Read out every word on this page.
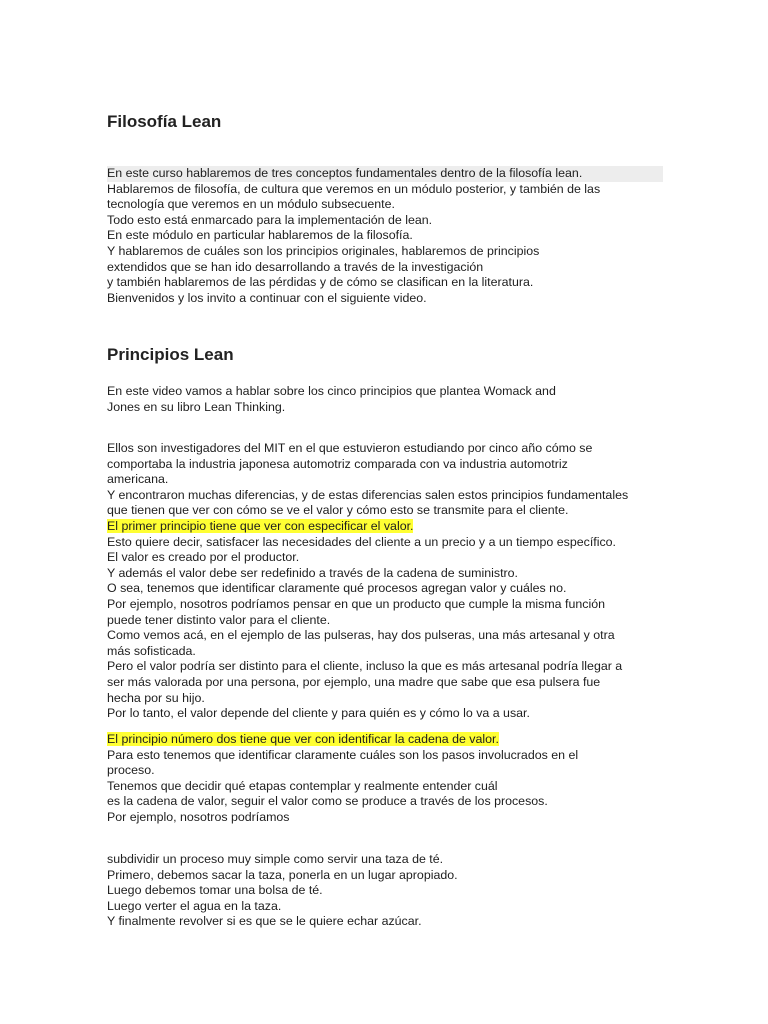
Filosofía Lean
En este curso hablaremos de tres conceptos fundamentales dentro de la filosofía lean.
Hablaremos de filosofía, de cultura que veremos en un módulo posterior, y también de las
tecnología que veremos en un módulo subsecuente.
Todo esto está enmarcado para la implementación de lean.
En este módulo en particular hablaremos de la filosofía.
Y hablaremos de cuáles son los principios originales, hablaremos de principios
extendidos que se han ido desarrollando a través de la investigación
y también hablaremos de las pérdidas y de cómo se clasifican en la literatura.
Bienvenidos y los invito a continuar con el siguiente video.
Principios Lean
En este video vamos a hablar sobre los cinco principios que plantea Womack and
Jones en su libro Lean Thinking.
Ellos son investigadores del MIT en el que estuvieron estudiando por cinco año cómo se
comportaba la industria japonesa automotriz comparada con va industria automotriz
americana.
Y encontraron muchas diferencias, y de estas diferencias salen estos principios fundamentales
que tienen que ver con cómo se ve el valor y cómo esto se transmite para el cliente.
El primer principio tiene que ver con especificar el valor.
Esto quiere decir, satisfacer las necesidades del cliente a un precio y a un tiempo específico.
El valor es creado por el productor.
Y además el valor debe ser redefinido a través de la cadena de suministro.
O sea, tenemos que identificar claramente qué procesos agregan valor y cuáles no.
Por ejemplo, nosotros podríamos pensar en que un producto que cumple la misma función
puede tener distinto valor para el cliente.
Como vemos acá, en el ejemplo de las pulseras, hay dos pulseras, una más artesanal y otra
más sofisticada.
Pero el valor podría ser distinto para el cliente, incluso la que es más artesanal podría llegar a
ser más valorada por una persona, por ejemplo, una madre que sabe que esa pulsera fue
hecha por su hijo.
Por lo tanto, el valor depende del cliente y para quién es y cómo lo va a usar.
El principio número dos tiene que ver con identificar la cadena de valor.
Para esto tenemos que identificar claramente cuáles son los pasos involucrados en el
proceso.
Tenemos que decidir qué etapas contemplar y realmente entender cuál
es la cadena de valor, seguir el valor como se produce a través de los procesos.
Por ejemplo, nosotros podríamos
subdividir un proceso muy simple como servir una taza de té.
Primero, debemos sacar la taza, ponerla en un lugar apropiado.
Luego debemos tomar una bolsa de té.
Luego verter el agua en la taza.
Y finalmente revolver si es que se le quiere echar azúcar.
